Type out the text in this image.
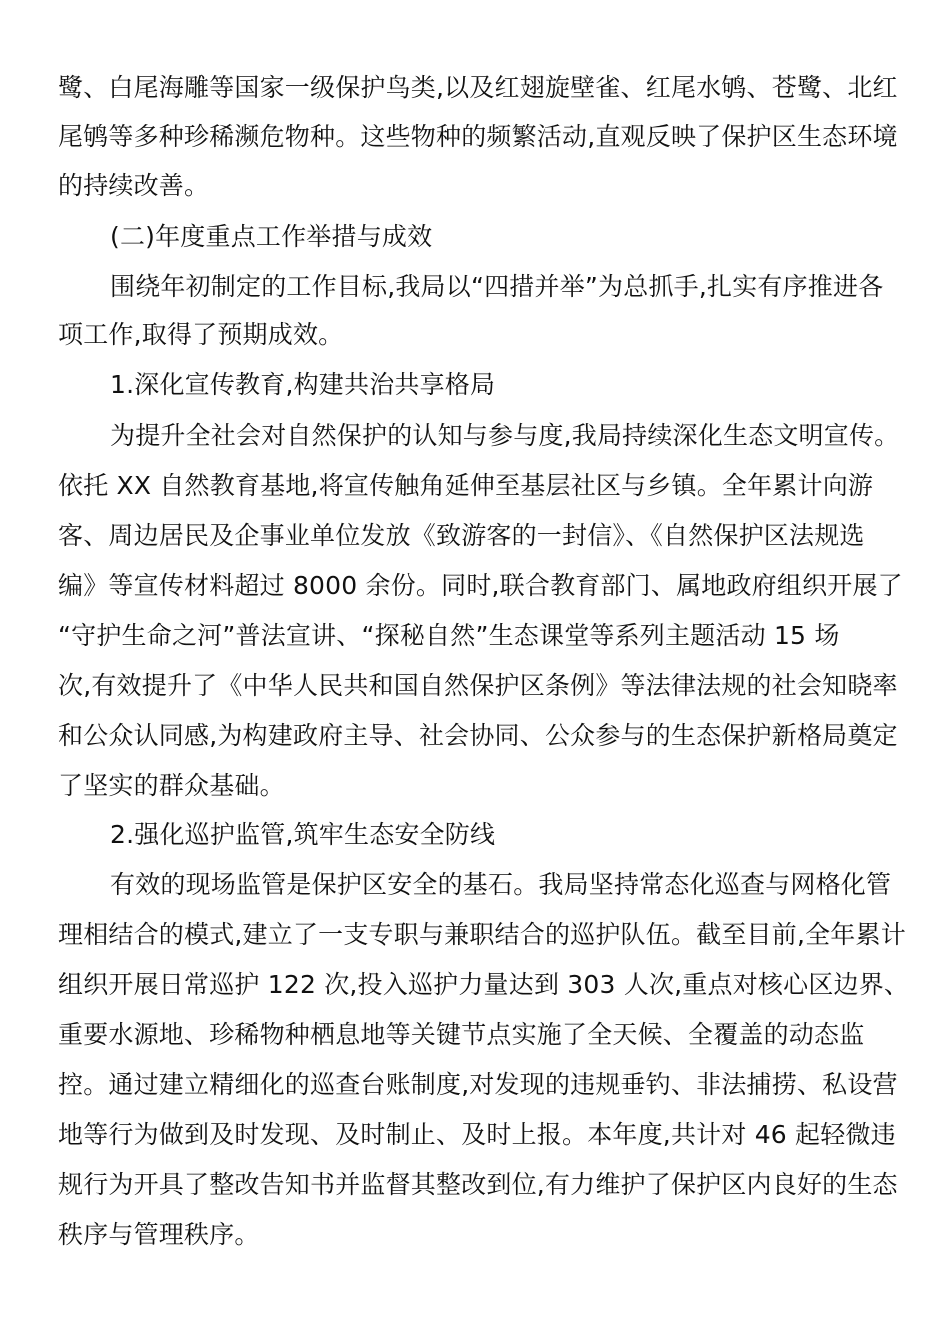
鹭、白尾海雕等国家一级保护鸟类,以及红翅旋壁雀、红尾水鸲、苍鹭、北红
尾鸲等多种珍稀濒危物种。这些物种的频繁活动,直观反映了保护区生态环境
的持续改善。
(二)年度重点工作举措与成效
围绕年初制定的工作目标,我局以“四措并举”为总抓手,扎实有序推进各
项工作,取得了预期成效。
1.深化宣传教育,构建共治共享格局
为提升全社会对自然保护的认知与参与度,我局持续深化生态文明宣传。
依托 XX 自然教育基地,将宣传触角延伸至基层社区与乡镇。全年累计向游
客、周边居民及企事业单位发放《致游客的一封信》、《自然保护区法规选
编》等宣传材料超过 8000 余份。同时,联合教育部门、属地政府组织开展了
“守护生命之河”普法宣讲、“探秘自然”生态课堂等系列主题活动 15 场
次,有效提升了《中华人民共和国自然保护区条例》等法律法规的社会知晓率
和公众认同感,为构建政府主导、社会协同、公众参与的生态保护新格局奠定
了坚实的群众基础。
2.强化巡护监管,筑牢生态安全防线
有效的现场监管是保护区安全的基石。我局坚持常态化巡查与网格化管
理相结合的模式,建立了一支专职与兼职结合的巡护队伍。截至目前,全年累计
组织开展日常巡护 122 次,投入巡护力量达到 303 人次,重点对核心区边界、
重要水源地、珍稀物种栖息地等关键节点实施了全天候、全覆盖的动态监
控。通过建立精细化的巡查台账制度,对发现的违规垂钓、非法捕捞、私设营
地等行为做到及时发现、及时制止、及时上报。本年度,共计对 46 起轻微违
规行为开具了整改告知书并监督其整改到位,有力维护了保护区内良好的生态
秩序与管理秩序。
